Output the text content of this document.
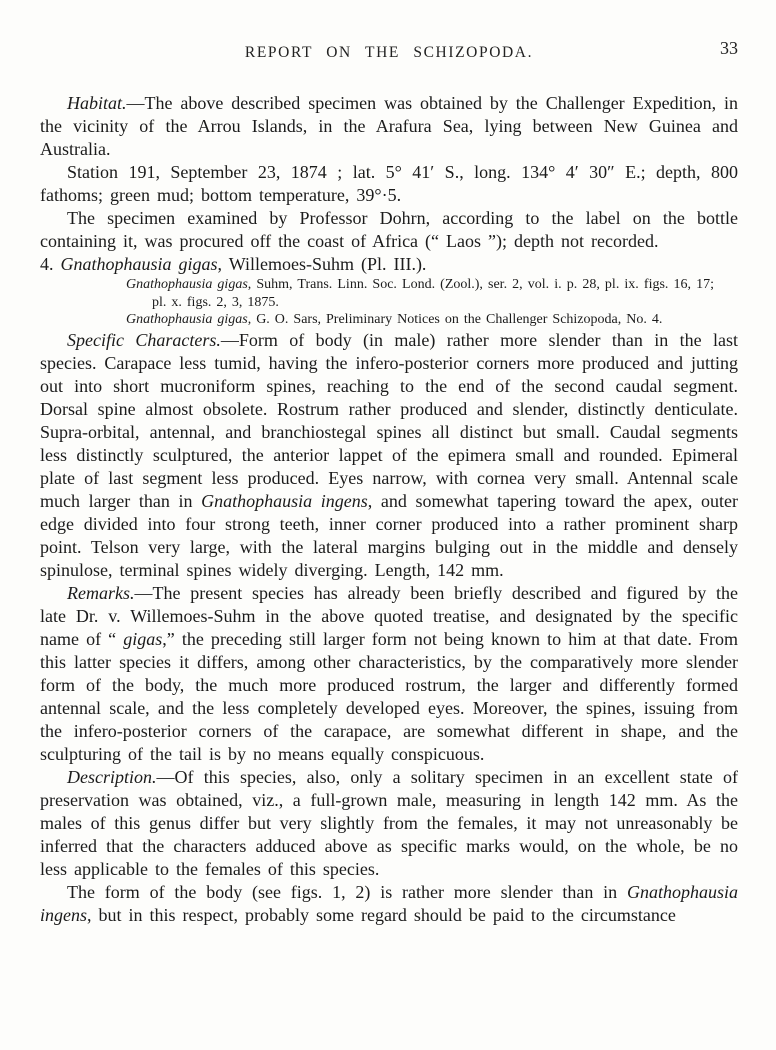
REPORT ON THE SCHIZOPODA.	33

Habitat.—The above described specimen was obtained by the Challenger Expedition, in the vicinity of the Arrou Islands, in the Arafura Sea, lying between New Guinea and Australia.

Station 191, September 23, 1874 ; lat. 5° 41′ S., long. 134° 4′ 30″ E.; depth, 800 fathoms; green mud; bottom temperature, 39°·5.

The specimen examined by Professor Dohrn, according to the label on the bottle containing it, was procured off the coast of Africa (“ Laos ”); depth not recorded.

4. Gnathophausia gigas, Willemoes-Suhm (Pl. III.).

Gnathophausia gigas, Suhm, Trans. Linn. Soc. Lond. (Zool.), ser. 2, vol. i. p. 28, pl. ix. figs. 16, 17; pl. x. figs. 2, 3, 1875.

Gnathophausia gigas, G. O. Sars, Preliminary Notices on the Challenger Schizopoda, No. 4.

Specific Characters.—Form of body (in male) rather more slender than in the last species. Carapace less tumid, having the infero-posterior corners more produced and jutting out into short mucroniform spines, reaching to the end of the second caudal segment. Dorsal spine almost obsolete. Rostrum rather produced and slender, distinctly denticulate. Supra-orbital, antennal, and branchiostegal spines all distinct but small. Caudal segments less distinctly sculptured, the anterior lappet of the epimera small and rounded. Epimeral plate of last segment less produced. Eyes narrow, with cornea very small. Antennal scale much larger than in Gnathophausia ingens, and somewhat tapering toward the apex, outer edge divided into four strong teeth, inner corner produced into a rather prominent sharp point. Telson very large, with the lateral margins bulging out in the middle and densely spinulose, terminal spines widely diverging. Length, 142 mm.

Remarks.—The present species has already been briefly described and figured by the late Dr. v. Willemoes-Suhm in the above quoted treatise, and designated by the specific name of “ gigas,” the preceding still larger form not being known to him at that date. From this latter species it differs, among other characteristics, by the comparatively more slender form of the body, the much more produced rostrum, the larger and differently formed antennal scale, and the less completely developed eyes. Moreover, the spines, issuing from the infero-posterior corners of the carapace, are somewhat different in shape, and the sculpturing of the tail is by no means equally conspicuous.

Description.—Of this species, also, only a solitary specimen in an excellent state of preservation was obtained, viz., a full-grown male, measuring in length 142 mm. As the males of this genus differ but very slightly from the females, it may not unreasonably be inferred that the characters adduced above as specific marks would, on the whole, be no less applicable to the females of this species.

The form of the body (see figs. 1, 2) is rather more slender than in Gnathophausia ingens, but in this respect, probably some regard should be paid to the circumstance
